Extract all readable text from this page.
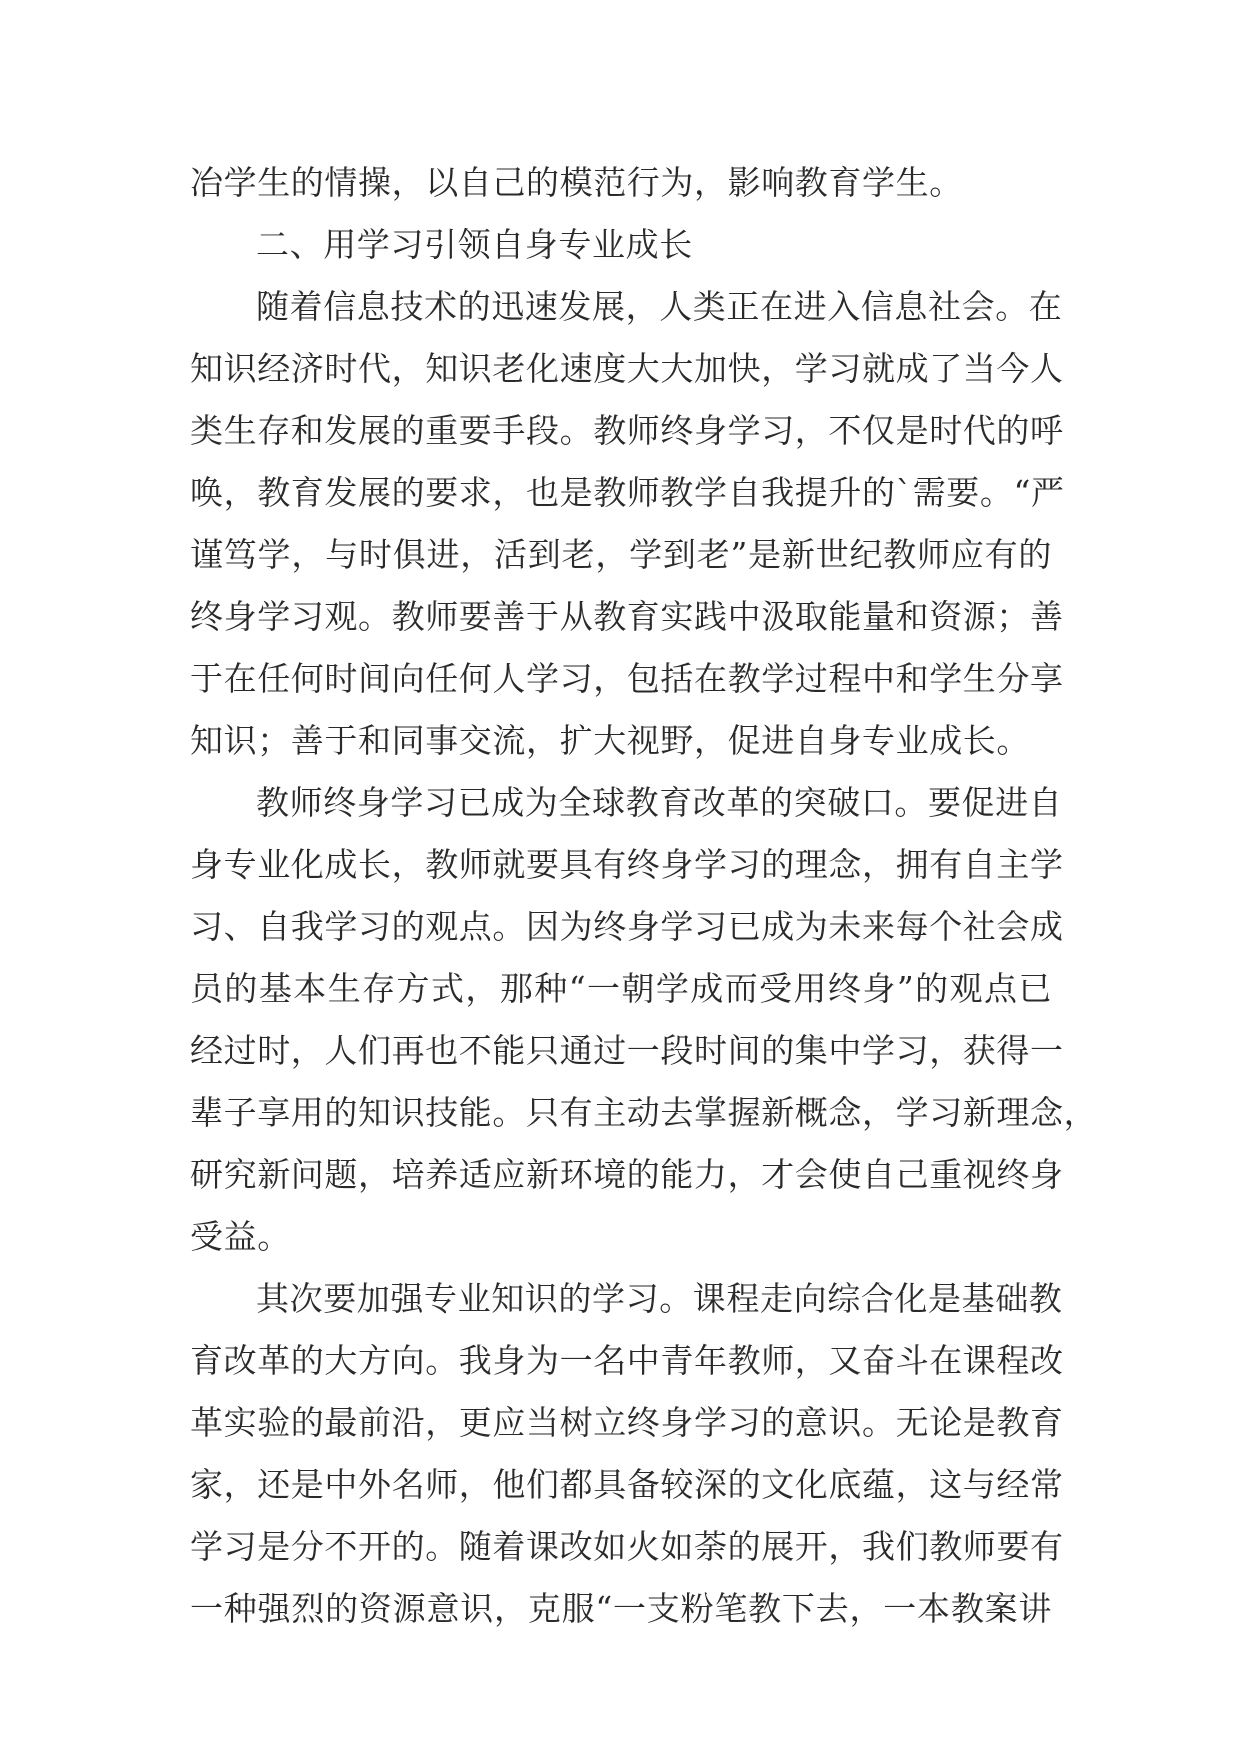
冶学生的情操，以自己的模范行为，影响教育学生。
二、用学习引领自身专业成长
随着信息技术的迅速发展，人类正在进入信息社会。在
知识经济时代，知识老化速度大大加快，学习就成了当今人
类生存和发展的重要手段。教师终身学习，不仅是时代的呼
唤，教育发展的要求，也是教师教学自我提升的`需要。“严
谨笃学，与时俱进，活到老，学到老”是新世纪教师应有的
终身学习观。教师要善于从教育实践中汲取能量和资源；善
于在任何时间向任何人学习，包括在教学过程中和学生分享
知识；善于和同事交流，扩大视野，促进自身专业成长。
教师终身学习已成为全球教育改革的突破口。要促进自
身专业化成长，教师就要具有终身学习的理念，拥有自主学
习、自我学习的观点。因为终身学习已成为未来每个社会成
员的基本生存方式，那种“一朝学成而受用终身”的观点已
经过时，人们再也不能只通过一段时间的集中学习，获得一
辈子享用的知识技能。只有主动去掌握新概念，学习新理念，
研究新问题，培养适应新环境的能力，才会使自己重视终身
受益。
其次要加强专业知识的学习。课程走向综合化是基础教
育改革的大方向。我身为一名中青年教师，又奋斗在课程改
革实验的最前沿，更应当树立终身学习的意识。无论是教育
家，还是中外名师，他们都具备较深的文化底蕴，这与经常
学习是分不开的。随着课改如火如荼的展开，我们教师要有
一种强烈的资源意识，克服“一支粉笔教下去，一本教案讲
